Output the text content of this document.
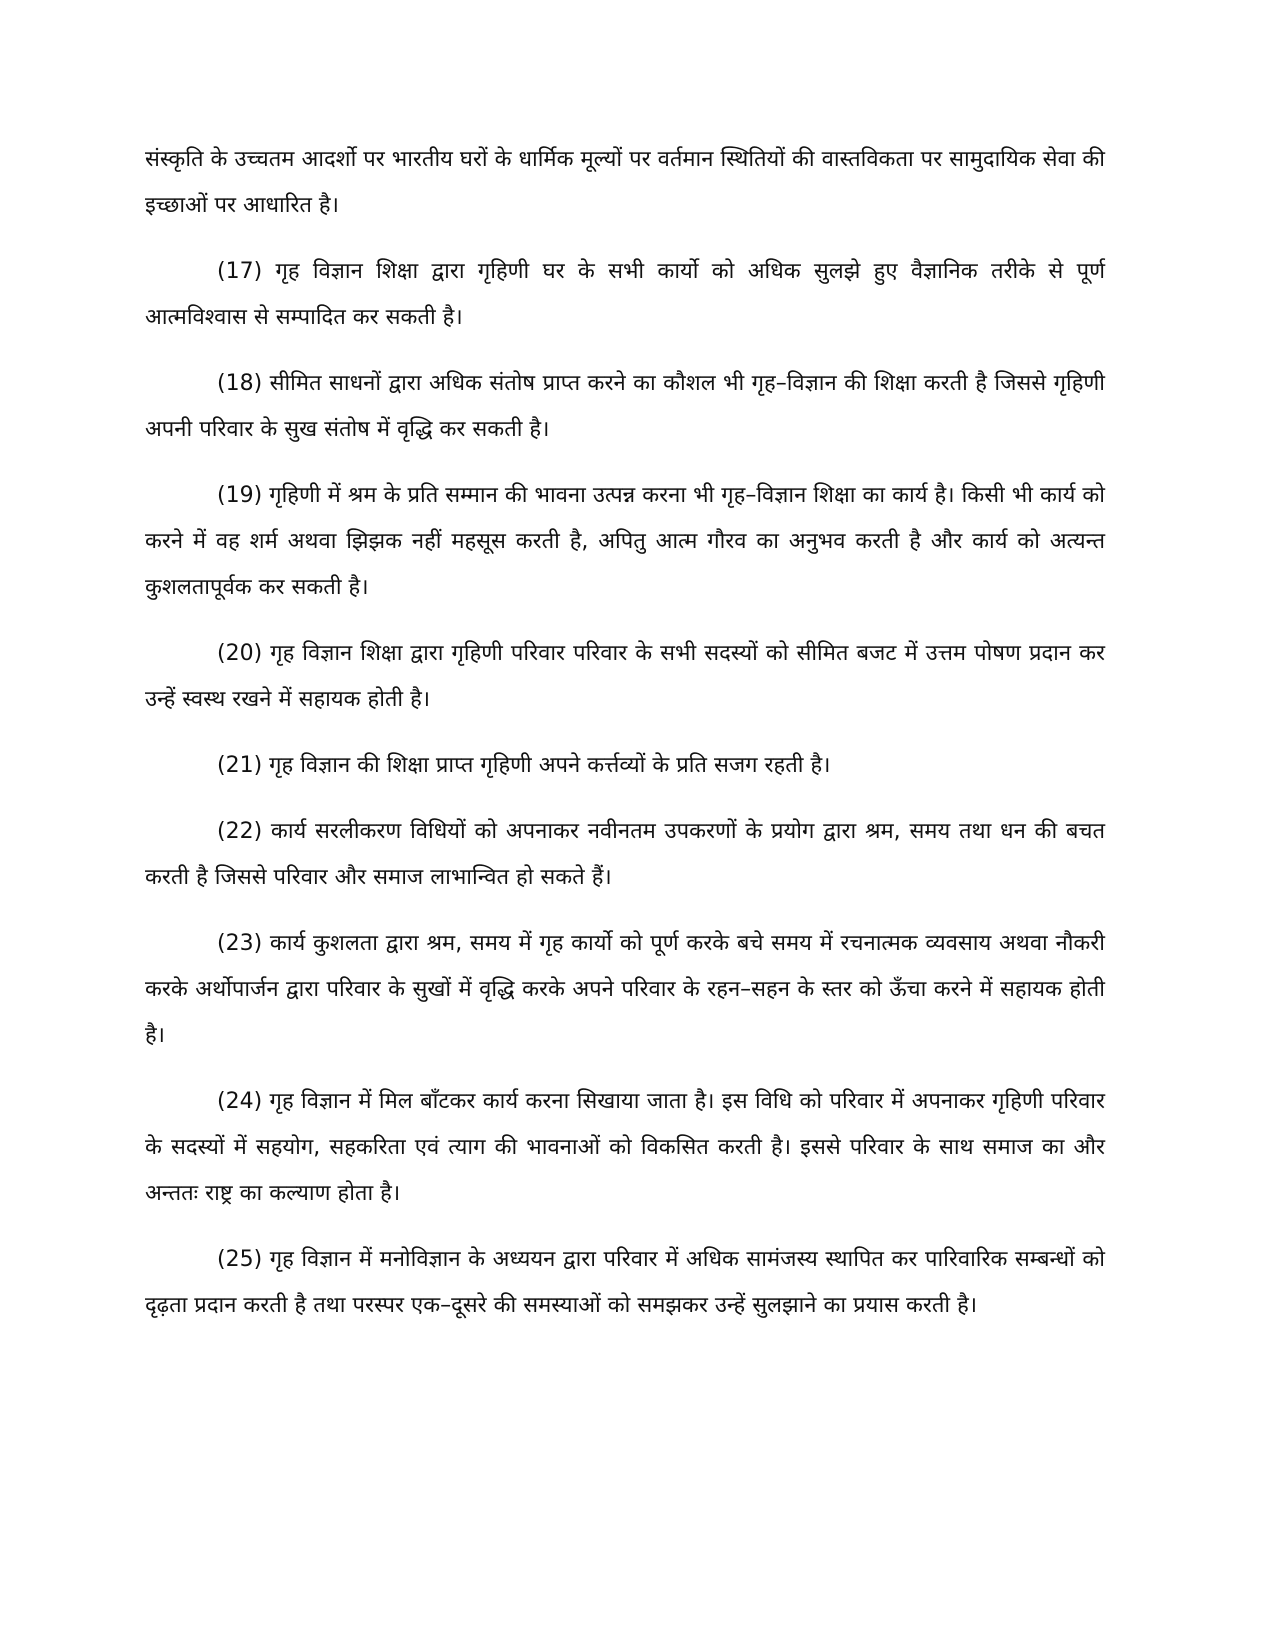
संस्कृति के उच्चतम आदर्शो पर भारतीय घरों के धार्मिक मूल्यों पर वर्तमान स्थितियों की वास्तविकता पर सामुदायिक सेवा की इच्छाओं पर आधारित है।

(17) गृह विज्ञान शिक्षा द्वारा गृहिणी घर के सभी कार्यो को अधिक सुलझे हुए वैज्ञानिक तरीके से पूर्ण आत्मविश्वास से सम्पादित कर सकती है।

(18) सीमित साधनों द्वारा अधिक संतोष प्राप्त करने का कौशल भी गृह–विज्ञान की शिक्षा करती है जिससे गृहिणी अपनी परिवार के सुख संतोष में वृद्धि कर सकती है।

(19) गृहिणी में श्रम के प्रति सम्मान की भावना उत्पन्न करना भी गृह–विज्ञान शिक्षा का कार्य है। किसी भी कार्य को करने में वह शर्म अथवा झिझक नहीं महसूस करती है, अपितु आत्म गौरव का अनुभव करती है और कार्य को अत्यन्त कुशलतापूर्वक कर सकती है।

(20) गृह विज्ञान शिक्षा द्वारा गृहिणी परिवार परिवार के सभी सदस्यों को सीमित बजट में उत्तम पोषण प्रदान कर उन्हें स्वस्थ रखने में सहायक होती है।

(21) गृह विज्ञान की शिक्षा प्राप्त गृहिणी अपने कर्त्तव्यों के प्रति सजग रहती है।

(22) कार्य सरलीकरण विधियों को अपनाकर नवीनतम उपकरणों के प्रयोग द्वारा श्रम, समय तथा धन की बचत करती है जिससे परिवार और समाज लाभान्वित हो सकते हैं।

(23) कार्य कुशलता द्वारा श्रम, समय में गृह कार्यो को पूर्ण करके बचे समय में रचनात्मक व्यवसाय अथवा नौकरी करके अर्थोपार्जन द्वारा परिवार के सुखों में वृद्धि करके अपने परिवार के रहन–सहन के स्तर को ऊँचा करने में सहायक होती है।

(24) गृह विज्ञान में मिल बाँटकर कार्य करना सिखाया जाता है। इस विधि को परिवार में अपनाकर गृहिणी परिवार के सदस्यों में सहयोग, सहकरिता एवं त्याग की भावनाओं को विकसित करती है। इससे परिवार के साथ समाज का और अन्ततः राष्ट्र का कल्याण होता है।

(25) गृह विज्ञान में मनोविज्ञान के अध्ययन द्वारा परिवार में अधिक सामंजस्य स्थापित कर पारिवारिक सम्बन्धों को दृढ़ता प्रदान करती है तथा परस्पर एक–दूसरे की समस्याओं को समझकर उन्हें सुलझाने का प्रयास करती है।
